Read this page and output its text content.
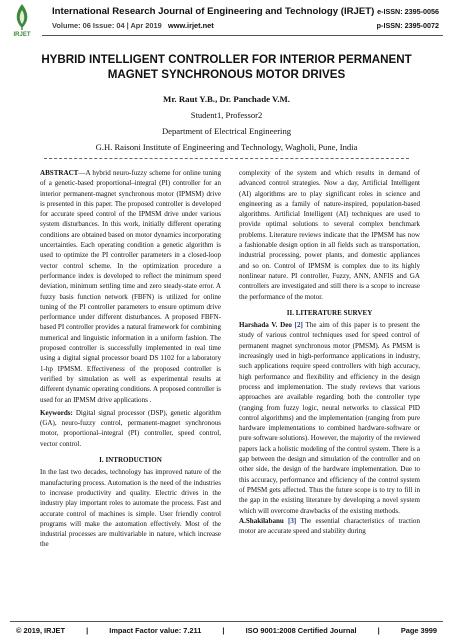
IRJET
International Research Journal of Engineering and Technology (IRJET)
Volume: 06 Issue: 04 | Apr 2019 www.irjet.net
e-ISSN: 2395-0056
p-ISSN: 2395-0072
HYBRID INTELLIGENT CONTROLLER FOR INTERIOR PERMANENT MAGNET SYNCHRONOUS MOTOR DRIVES
Mr. Raut Y.B., Dr. Panchade V.M.
Student1, Professor2
Department of Electrical Engineering
G.H. Raisoni Institute of Engineering and Technology, Wagholi, Pune, India

ABSTRACT—A hybrid neuro-fuzzy scheme for online tuning of a genetic-based proportional–integral (PI) controller for an interior permanent-magnet synchronous motor (IPMSM) drive is presented in this paper. The proposed controller is developed for accurate speed control of the IPMSM drive under various system disturbances. In this work, initially different operating conditions are obtained based on motor dynamics incorporating uncertainties. Each operating condition a genetic algorithm is used to optimize the PI controller parameters in a closed-loop vector control scheme. In the optimization procedure a performance index is developed to reflect the minimum speed deviation, minimum settling time and zero steady-state error. A fuzzy basis function network (FBFN) is utilized for online tuning of the PI controller parameters to ensure optimum drive performance under different disturbances. A proposed FBFN-based PI controller provides a natural framework for combining numerical and linguistic information in a uniform fashion. The proposed controller is successfully implemented in real time using a digital signal processor board DS 1102 for a laboratory 1-hp IPMSM. Effectiveness of the proposed controller is verified by simulation as well as experimental results at different dynamic operating conditions. A proposed controller is used for an IPMSM drive applications .

Keywords: Digital signal processor (DSP), genetic algorithm (GA), neuro-fuzzy control, permanent-magnet synchronous motor, proportional–integral (PI) controller, speed control, vector control.

I. INTRODUCTION

In the last two decades, technology has improved nature of the manufacturing process. Automation is the need of the industries to increase productivity and quality. Electric drives in the industry play important roles to automate the process. Fast and accurate control of machines is simple. User friendly control programs will make the automation effectively. Most of the industrial processes are multivariable in nature, which increase the

complexity of the system and which results in demand of advanced control strategies. Now a day, Artificial Intelligent (AI) algorithms are to play significant roles in science and engineering as a family of nature-inspired, population-based algorithms. Artificial Intelligent (AI) techniques are used to provide optimal solutions to several complex benchmark problems. Literature reviews indicate that the IPMSM has now a fashionable design option in all fields such as transportation, industrial processing, power plants, and domestic appliances and so on. Control of IPMSM is complex due to its highly nonlinear nature. PI controller, Fuzzy, ANN, ANFIS and GA controllers are investigated and still there is a scope to increase the performance of the motor.

II. LITERATURE SURVEY

Harshada V. Deo [2] The aim of this paper is to present the study of various control techniques used for speed control of permanent magnet synchronous motor (PMSM). As PMSM is increasingly used in high-performance applications in industry, such applications require speed controllers with high accuracy, high performance and flexibility and efficiency in the design process and implementation. The study reviews that various approaches are available regarding both the controller type (ranging from fuzzy logic, neural networks to classical PID control algorithms) and the implementation (ranging from pure hardware implementations to combined hardware-software or pure software solutions). However, the majority of the reviewed papers lack a holistic modeling of the control system. There is a gap between the design and simulation of the controller and on other side, the design of the hardware implementation. Due to this accuracy, performance and efficiency of the control system of PMSM gets affected. Thus the future scope is to try to fill in the gap in the existing literature by developing a novel system which will overcome drawbacks of the existing methods.

A.Shakilabanu [3] The essential characteristics of traction motor are accurate speed and stability during

© 2019, IRJET	|	Impact Factor value: 7.211	|	ISO 9001:2008 Certified Journal	|	Page 3999
